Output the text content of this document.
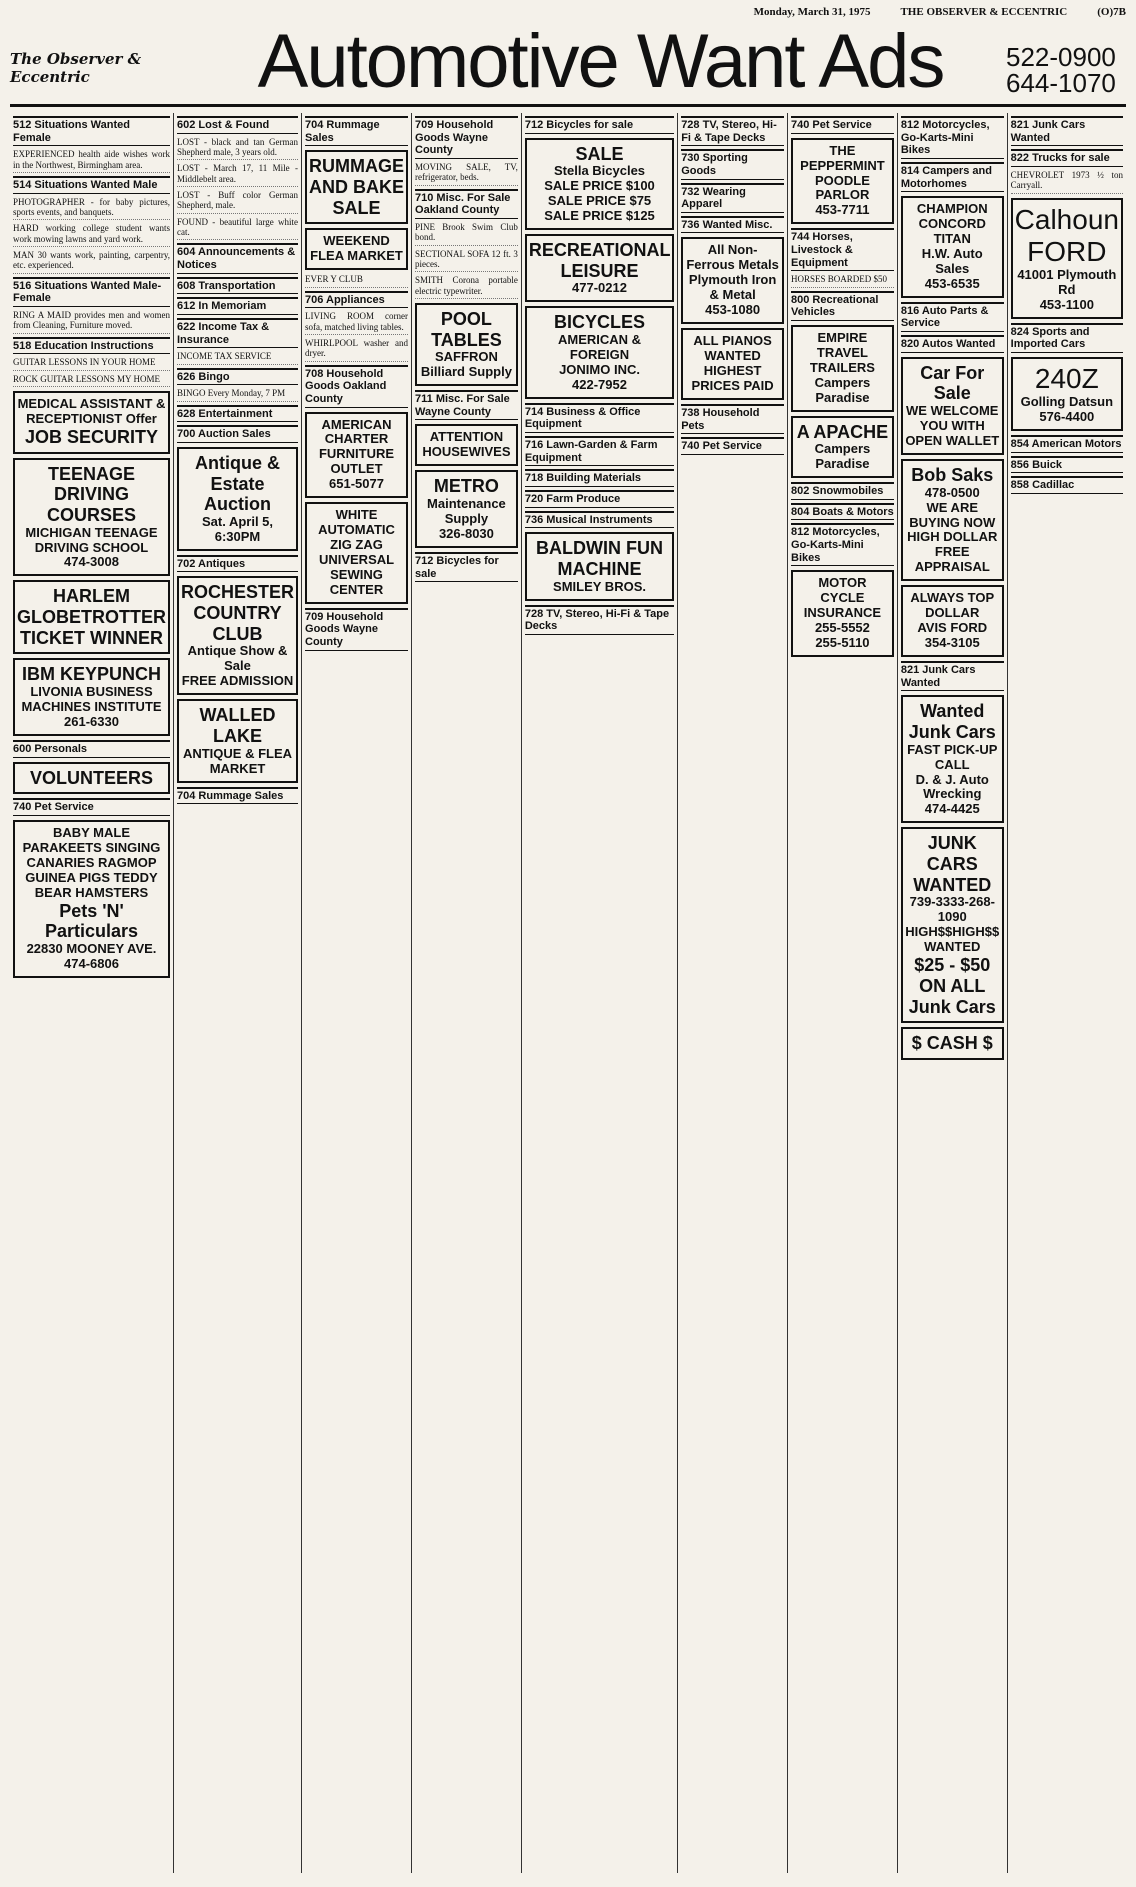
Monday, March 31, 1975	THE OBSERVER & ECCENTRIC	(O)7B
The Observer & Eccentric	Automotive Want Ads	522-0900
644-1070
512 Situations Wanted Female
EXPERIENCED health aide wishes work in the Northwest, Birmingham area.
514 Situations Wanted Male
PHOTOGRAPHER - for baby pictures, sports events, and banquets.
HARD working college student wants work mowing lawns and yard work.
MAN 30 wants work, painting, carpentry, etc. experienced.
516 Situations Wanted Male-Female
RING A MAID provides men and women from Cleaning, Furniture moved.
518 Education Instructions
GUITAR LESSONS IN YOUR HOME
ROCK GUITAR LESSONS MY HOME
MEDICAL ASSISTANT & RECEPTIONIST Offer
JOB SECURITY
TEENAGE DRIVING COURSES
MICHIGAN TEENAGE DRIVING SCHOOL
474-3008
HARLEM GLOBETROTTER TICKET WINNER
IBM KEYPUNCH
LIVONIA BUSINESS MACHINES INSTITUTE
261-6330
600 Personals
VOLUNTEERS
740 Pet Service
BABY MALE PARAKEETS SINGING CANARIES RAGMOP GUINEA PIGS TEDDY BEAR HAMSTERS
Pets 'N' Particulars
22830 MOONEY AVE.
474-6806
602 Lost & Found
LOST - black and tan German Shepherd male, 3 years old.
LOST - March 17, 11 Mile - Middlebelt area.
LOST - Buff color German Shepherd, male.
FOUND - beautiful large white cat.
604 Announcements & Notices
608 Transportation
612 In Memoriam
622 Income Tax & Insurance
INCOME TAX SERVICE
626 Bingo
BINGO Every Monday, 7 PM
628 Entertainment
700 Auction Sales
Antique & Estate Auction
Sat. April 5, 6:30PM
702 Antiques
ROCHESTER COUNTRY CLUB
Antique Show & Sale
FREE ADMISSION
WALLED LAKE
ANTIQUE & FLEA MARKET
704 Rummage Sales
704 Rummage Sales
RUMMAGE AND BAKE SALE
WEEKEND FLEA MARKET
EVER Y CLUB
706 Appliances
LIVING ROOM corner sofa, matched living tables.
WHIRLPOOL washer and dryer.
708 Household Goods Oakland County
AMERICAN CHARTER FURNITURE OUTLET
651-5077
WHITE AUTOMATIC ZIG ZAG
UNIVERSAL SEWING CENTER
709 Household Goods Wayne County
709 Household Goods Wayne County
MOVING SALE, TV, refrigerator, beds.
710 Misc. For Sale Oakland County
PINE Brook Swim Club bond.
SECTIONAL SOFA 12 ft. 3 pieces.
SMITH Corona portable electric typewriter.
POOL TABLES
SAFFRON Billiard Supply
711 Misc. For Sale Wayne County
ATTENTION HOUSEWIVES
METRO
Maintenance Supply
326-8030
712 Bicycles for sale
712 Bicycles for sale
SALE
Stella Bicycles
SALE PRICE $100
SALE PRICE $75
SALE PRICE $125
RECREATIONAL LEISURE
477-0212
BICYCLES
AMERICAN & FOREIGN
JONIMO INC.
422-7952
714 Business & Office Equipment
716 Lawn-Garden & Farm Equipment
718 Building Materials
720 Farm Produce
736 Musical Instruments
BALDWIN FUN MACHINE
SMILEY BROS.
728 TV, Stereo, Hi-Fi & Tape Decks
728 TV, Stereo, Hi-Fi & Tape Decks
730 Sporting Goods
732 Wearing Apparel
736 Wanted Misc.
All Non-Ferrous Metals
Plymouth Iron & Metal
453-1080
ALL PIANOS WANTED
HIGHEST PRICES PAID
738 Household Pets
740 Pet Service
740 Pet Service
THE PEPPERMINT POODLE PARLOR
453-7711
744 Horses, Livestock & Equipment
HORSES BOARDED $50
800 Recreational Vehicles
EMPIRE TRAVEL TRAILERS
Campers Paradise
A APACHE
Campers Paradise
802 Snowmobiles
804 Boats & Motors
812 Motorcycles, Go-Karts-Mini Bikes
MOTOR CYCLE INSURANCE
255-5552
255-5110
812 Motorcycles, Go-Karts-Mini Bikes
814 Campers and Motorhomes
CHAMPION CONCORD TITAN
H.W. Auto Sales
453-6535
816 Auto Parts & Service
820 Autos Wanted
Car For Sale
WE WELCOME YOU WITH OPEN WALLET
Bob Saks
478-0500
WE ARE BUYING NOW HIGH DOLLAR
FREE APPRAISAL
ALWAYS TOP DOLLAR
AVIS FORD
354-3105
821 Junk Cars Wanted
Wanted Junk Cars
FAST PICK-UP CALL
D. & J. Auto Wrecking
474-4425
JUNK CARS WANTED
739-3333-268-1090
HIGH$$HIGH$$ WANTED
$25 - $50 ON ALL Junk Cars
$ CASH $
821 Junk Cars Wanted
822 Trucks for sale
CHEVROLET 1973 ½ ton Carryall.
Calhoun FORD
41001 Plymouth Rd
453-1100
824 Sports and Imported Cars
240Z
Golling Datsun
576-4400
854 American Motors
856 Buick
858 Cadillac
